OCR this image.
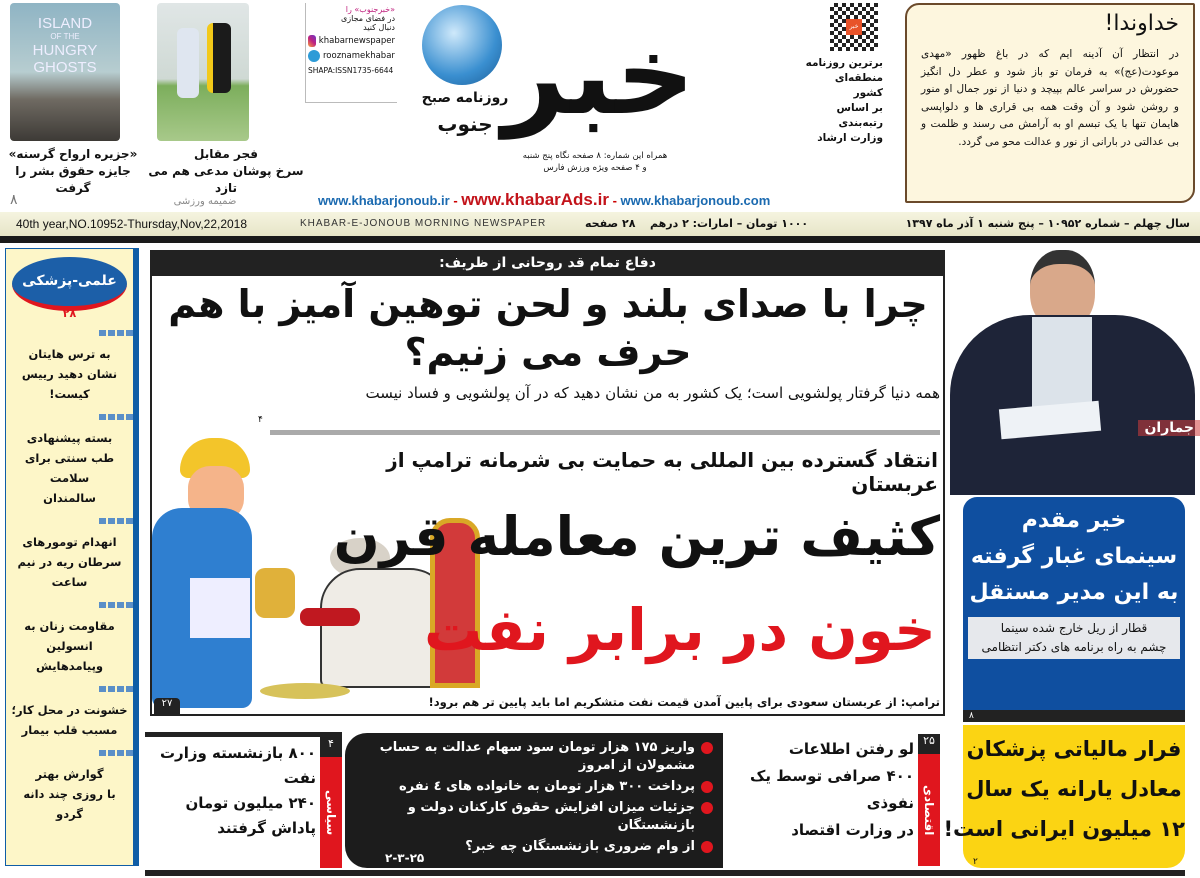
ISLAND
OF THE
HUNGRY
GHOSTS
«جزیره ارواح گرسنه»
جایزه حقوق بشر را گرفت
۸
فجر مقابل
سرخ پوشان مدعی هم می تازد
ضمیمه ورزشی
«خبرجنوب» را
در فضای مجازی
دنبال کنید
khabarnewspaper
rooznamekhabar
SHAPA:ISSN1735-6644
روزنامه صبح
جنوب خبر
همراه این شماره: ۸ صفحه نگاه پنج شنبه
و ۴ صفحه ویژه ورزش فارس
www.khabarjonoub.ir - www.khabarAds.ir - www.khabarjonoub.com
خبر
برترین روزنامه
منطقه‌ای کشور
بر اساس
رتبه‌بندی
وزارت ارشاد
خداوندا!

در انتظار آن آدینه ایم که در باغ ظهور «مهدی موعودت(عج)» به فرمان تو باز شود و عطر دل انگیز حضورش در سراسر عالم بپیچد و دنیا از نور جمال او منور و روشن شود و آن وقت همه بی قراری ها و دلواپسی هایمان تنها با یک تبسم او به آرامش می رسند و ظلمت و بی عدالتی در بارانی از نور و عدالت محو می گردد.

40th year,NO.10952-Thursday,Nov,22,2018	KHABAR-E-JONOUB MORNING NEWSPAPER	۲۸ صفحه ۱۰۰۰ تومان – امارات: ۲ درهم	سال چهلم – شماره ۱۰۹۵۲ – پنج شنبه ۱ آذر ماه ۱۳۹۷
علمی-پزشکی
۲۸
به ترس هایتان
نشان دهید رییس کیست!
بسته پیشنهادی
طب سنتی برای سلامت
سالمندان
انهدام تومورهای
سرطان ریه در نیم ساعت
مقاومت زنان به انسولین
وپیامدهایش
خشونت در محل کار؛
مسبب قلب بیمار
گوارش بهتر
با روزی چند دانه گردو
دفاع تمام قد روحانی از ظریف:
چرا با صدای بلند و لحن توهین آمیز با هم حرف می زنیم؟
همه دنیا گرفتار پولشویی است؛ یک کشور به من نشان دهید که در آن پولشویی و فساد نیست
۴
انتقاد گسترده بین المللی به حمایت بی شرمانه ترامپ از عربستان
کثیف ترین معامله قرن
خون در برابر نفت
ترامپ: از عربستان سعودی برای پایین آمدن قیمت نفت متشکریم اما باید پایین تر هم برود!
۲۷
سیاسی
۴
۸۰۰ بازنشسته وزارت نفت
۲۴۰ میلیون تومان
پاداش گرفتند
واریز ۱۷۵ هزار تومان سود سهام عدالت به حساب مشمولان از امروز
پرداخت ۳۰۰ هزار تومان به خانواده های ٤ نفره
جزئیات میزان افزایش حقوق کارکنان دولت و بازنشستگان
از وام ضروری بازنشستگان چه خبر؟
۲-۳-۲۵
اقتصادی
۲۵
لو رفتن اطلاعات
۴۰۰ صرافی توسط یک نفوذی
در وزارت اقتصاد
جماران
خیر مقدم
سینمای غبار گرفته
به این مدیر مستقل
قطار از ریل خارج شده سینما
چشم به راه برنامه های دکتر انتظامی
۸
فرار مالیاتی پزشکان
معادل یارانه یک سال
۱۲ میلیون ایرانی است!
۲
